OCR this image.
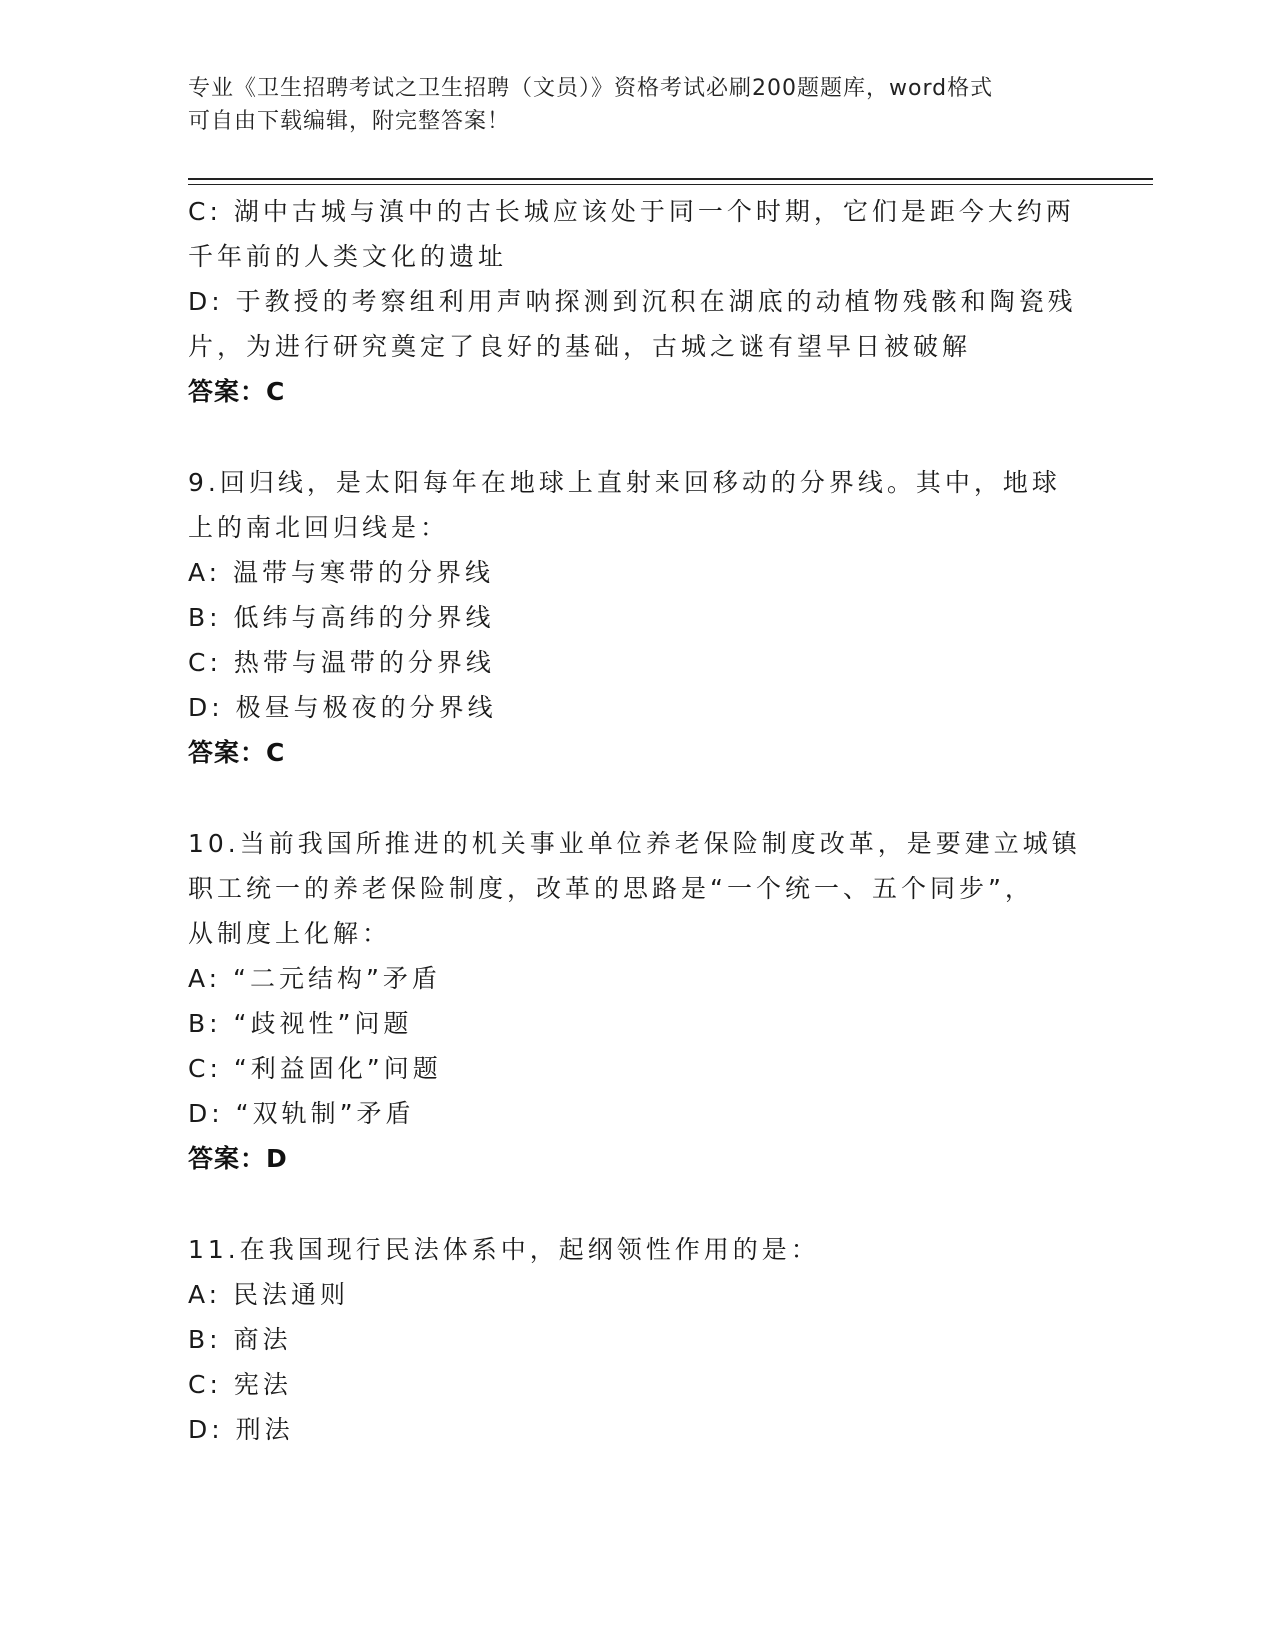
专业《卫生招聘考试之卫生招聘（文员）》资格考试必刷200题题库，word格式
可自由下载编辑，附完整答案！
C: 湖中古城与滇中的古长城应该处于同一个时期，它们是距今大约两
千年前的人类文化的遗址
D: 于教授的考察组利用声呐探测到沉积在湖底的动植物残骸和陶瓷残
片，为进行研究奠定了良好的基础，古城之谜有望早日被破解
答案：C
9.回归线，是太阳每年在地球上直射来回移动的分界线。其中，地球
上的南北回归线是：
A: 温带与寒带的分界线
B: 低纬与高纬的分界线
C: 热带与温带的分界线
D: 极昼与极夜的分界线
答案：C
10.当前我国所推进的机关事业单位养老保险制度改革，是要建立城镇
职工统一的养老保险制度，改革的思路是“一个统一、五个同步”，
从制度上化解：
A: “二元结构”矛盾
B: “歧视性”问题
C: “利益固化”问题
D: “双轨制”矛盾
答案：D
11.在我国现行民法体系中，起纲领性作用的是：
A: 民法通则
B: 商法
C: 宪法
D: 刑法
